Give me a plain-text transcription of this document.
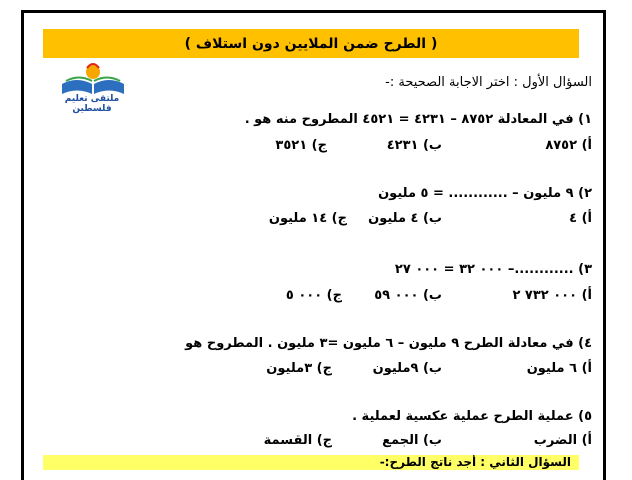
( الطرح ضمن الملايين دون استلاف )
ملتقى تعليم فلسطين
السؤال الأول : اختر الاجابة الصحيحة :-
١) في المعادلة ٨٧٥٢ – ٤٢٣١ = ٤٥٢١ المطروح منه هو .
أ) ٨٧٥٢
ب) ٤٢٣١
ج) ٣٥٢١
٢) ٩ مليون – ............ = ٥ مليون
أ) ٤
ب) ٤ مليون
ج) ١٤ مليون
٣) ............– ٠٠٠ ٣٢ = ٠٠٠ ٢٧
أ) ٠٠٠ ٧٣٢ ٢
ب) ٠٠٠ ٥٩
ج) ٠٠٠ ٥
٤) في معادلة الطرح ٩ مليون – ٦ مليون =٣ مليون . المطروح هو
أ) ٦ مليون
ب) ٩مليون
ج) ٣مليون
٥) عملية الطرح عملية عكسية لعملية .
أ) الضرب
ب) الجمع
ج) القسمة
السؤال الثاني : أجد ناتج الطرح:-
